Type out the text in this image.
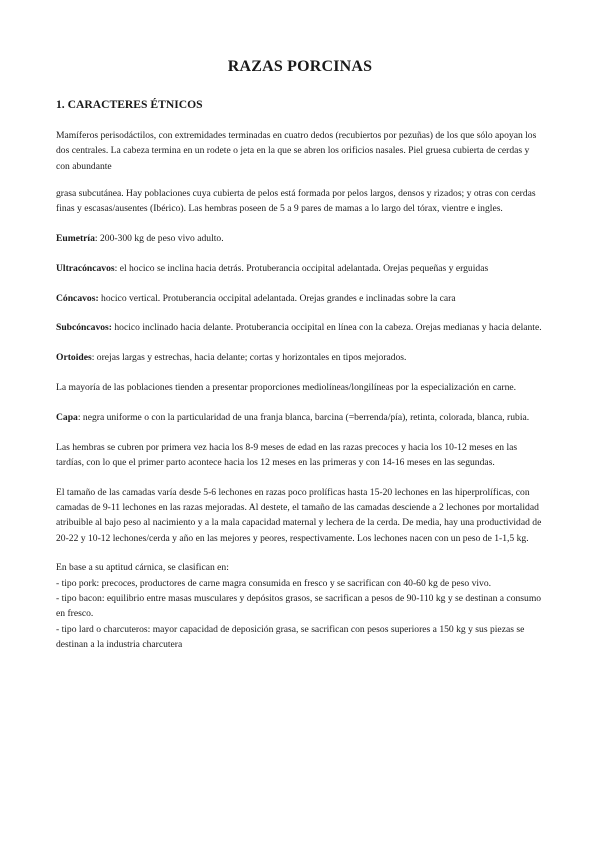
RAZAS PORCINAS
1. CARACTERES ÉTNICOS

Mamíferos perisodáctilos, con extremidades terminadas en cuatro dedos (recubiertos por pezuñas) de los que sólo apoyan los dos centrales. La cabeza termina en un rodete o jeta en la que se abren los orificios nasales. Piel gruesa cubierta de cerdas y con abundante

grasa subcutánea. Hay poblaciones cuya cubierta de pelos está formada por pelos largos, densos y rizados; y otras con cerdas finas y escasas/ausentes (Ibérico). Las hembras poseen de 5 a 9 pares de mamas a lo largo del tórax, vientre e ingles.

Eumetría: 200-300 kg de peso vivo adulto.

Ultracóncavos: el hocico se inclina hacia detrás. Protuberancia occipital adelantada. Orejas pequeñas y erguidas

Cóncavos: hocico vertical. Protuberancia occipital adelantada. Orejas grandes e inclinadas sobre la cara

Subcóncavos: hocico inclinado hacia delante. Protuberancia occipital en línea con la cabeza. Orejas medianas y hacia delante.

Ortoides: orejas largas y estrechas, hacia delante; cortas y horizontales en tipos mejorados.

La mayoría de las poblaciones tienden a presentar proporciones mediolíneas/longilíneas por la especialización en carne.

Capa: negra uniforme o con la particularidad de una franja blanca, barcina (=berrenda/pía), retinta, colorada, blanca, rubia.

Las hembras se cubren por primera vez hacia los 8-9 meses de edad en las razas precoces y hacia los 10-12 meses en las tardías, con lo que el primer parto acontece hacia los 12 meses en las primeras y con 14-16 meses en las segundas.

El tamaño de las camadas varía desde 5-6 lechones en razas poco prolíficas hasta 15-20 lechones en las hiperprolíficas, con camadas de 9-11 lechones en las razas mejoradas. Al destete, el tamaño de las camadas desciende a 2 lechones por mortalidad atribuible al bajo peso al nacimiento y a la mala capacidad maternal y lechera de la cerda. De media, hay una productividad de 20-22 y 10-12 lechones/cerda y año en las mejores y peores, respectivamente. Los lechones nacen con un peso de 1-1,5 kg.

En base a su aptitud cárnica, se clasifican en:
- tipo pork: precoces, productores de carne magra consumida en fresco y se sacrifican con 40-60 kg de peso vivo.
- tipo bacon: equilibrio entre masas musculares y depósitos grasos, se sacrifican a pesos de 90-110 kg y se destinan a consumo en fresco.
- tipo lard o charcuteros: mayor capacidad de deposición grasa, se sacrifican con pesos superiores a 150 kg y sus piezas se destinan a la industria charcutera
